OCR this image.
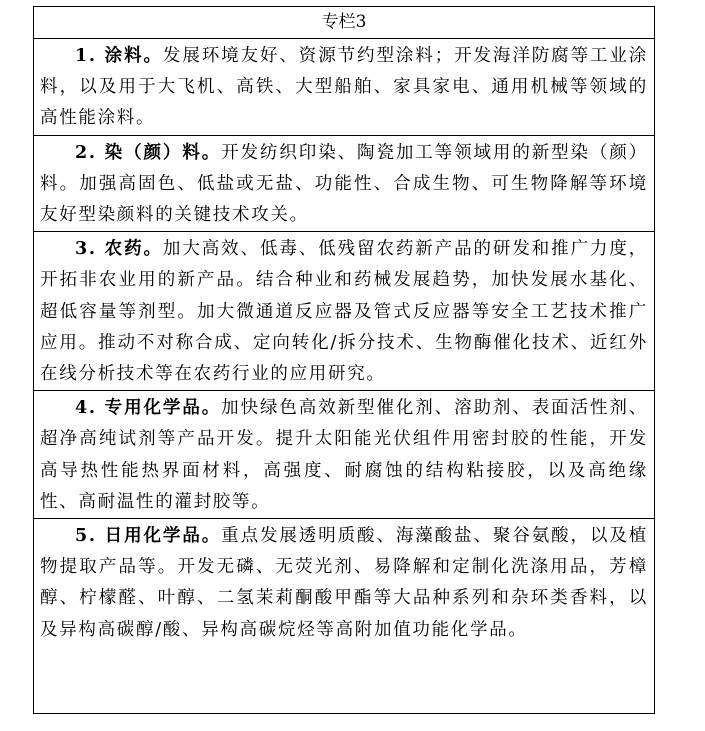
专栏3

1. 涂料。发展环境友好、资源节约型涂料；开发海洋防腐等工业涂料，以及用于大飞机、高铁、大型船舶、家具家电、通用机械等领域的高性能涂料。

2. 染（颜）料。开发纺织印染、陶瓷加工等领域用的新型染（颜）料。加强高固色、低盐或无盐、功能性、合成生物、可生物降解等环境友好型染颜料的关键技术攻关。

3. 农药。加大高效、低毒、低残留农药新产品的研发和推广力度，开拓非农业用的新产品。结合种业和药械发展趋势，加快发展水基化、超低容量等剂型。加大微通道反应器及管式反应器等安全工艺技术推广应用。推动不对称合成、定向转化/拆分技术、生物酶催化技术、近红外在线分析技术等在农药行业的应用研究。

4. 专用化学品。加快绿色高效新型催化剂、溶助剂、表面活性剂、超净高纯试剂等产品开发。提升太阳能光伏组件用密封胶的性能，开发高导热性能热界面材料，高强度、耐腐蚀的结构粘接胶，以及高绝缘性、高耐温性的灌封胶等。

5. 日用化学品。重点发展透明质酸、海藻酸盐、聚谷氨酸，以及植物提取产品等。开发无磷、无荧光剂、易降解和定制化洗涤用品，芳樟醇、柠檬醛、叶醇、二氢茉莉酮酸甲酯等大品种系列和杂环类香料，以及异构高碳醇/酸、异构高碳烷烃等高附加值功能化学品。
